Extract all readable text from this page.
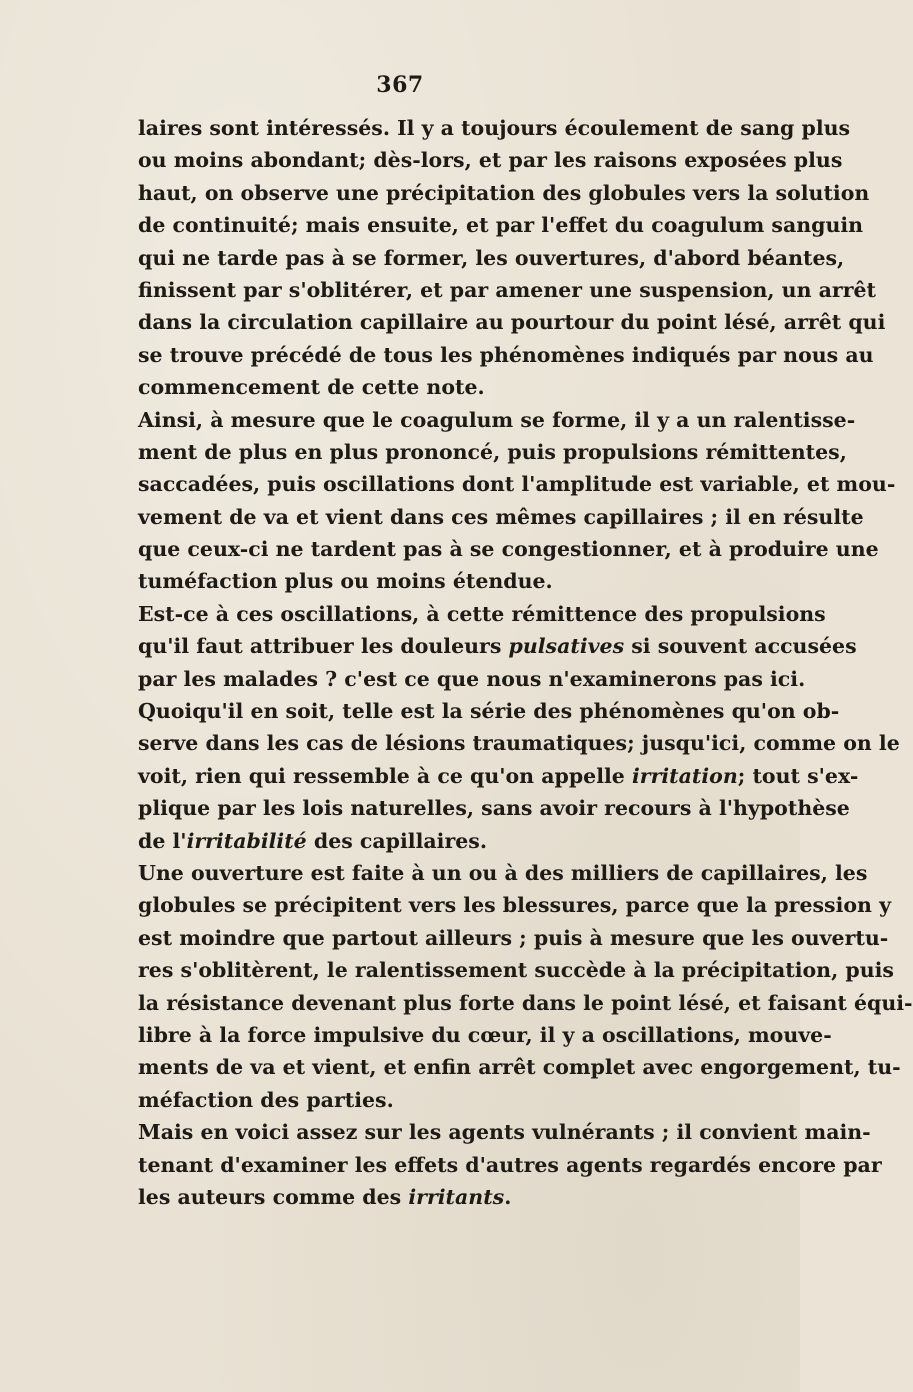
367
laires sont intéressés. Il y a toujours écoulement de sang plus
ou moins abondant; dès-lors, et par les raisons exposées plus
haut, on observe une précipitation des globules vers la solution
de continuité; mais ensuite, et par l'effet du coagulum sanguin
qui ne tarde pas à se former, les ouvertures, d'abord béantes,
finissent par s'oblitérer, et par amener une suspension, un arrêt
dans la circulation capillaire au pourtour du point lésé, arrêt qui
se trouve précédé de tous les phénomènes indiqués par nous au
commencement de cette note.
Ainsi, à mesure que le coagulum se forme, il y a un ralentisse-
ment de plus en plus prononcé, puis propulsions rémittentes,
saccadées, puis oscillations dont l'amplitude est variable, et mou-
vement de va et vient dans ces mêmes capillaires ; il en résulte
que ceux-ci ne tardent pas à se congestionner, et à produire une
tuméfaction plus ou moins étendue.
Est-ce à ces oscillations, à cette rémittence des propulsions
qu'il faut attribuer les douleurs pulsatives si souvent accusées
par les malades ? c'est ce que nous n'examinerons pas ici.
Quoiqu'il en soit, telle est la série des phénomènes qu'on ob-
serve dans les cas de lésions traumatiques; jusqu'ici, comme on le
voit, rien qui ressemble à ce qu'on appelle irritation; tout s'ex-
plique par les lois naturelles, sans avoir recours à l'hypothèse
de l'irritabilité des capillaires.
Une ouverture est faite à un ou à des milliers de capillaires, les
globules se précipitent vers les blessures, parce que la pression y
est moindre que partout ailleurs ; puis à mesure que les ouvertu-
res s'oblitèrent, le ralentissement succède à la précipitation, puis
la résistance devenant plus forte dans le point lésé, et faisant équi-
libre à la force impulsive du cœur, il y a oscillations, mouve-
ments de va et vient, et enfin arrêt complet avec engorgement, tu-
méfaction des parties.
Mais en voici assez sur les agents vulnérants ; il convient main-
tenant d'examiner les effets d'autres agents regardés encore par
les auteurs comme des irritants.
